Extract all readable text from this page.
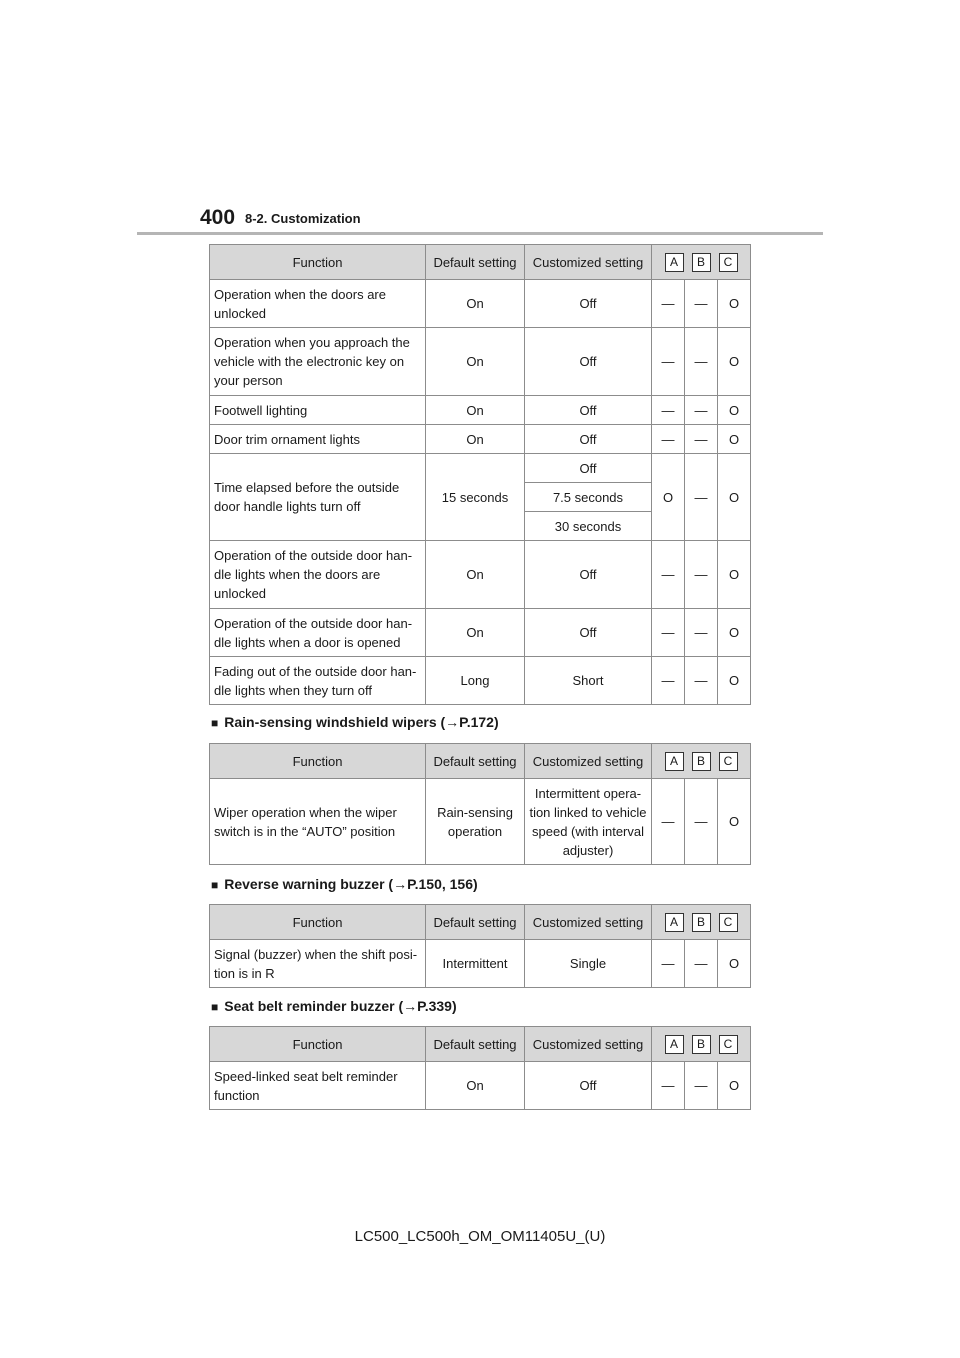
400 8-2. Customization
Function	Default setting	Customized setting	A B C		
Operation when the doors are unlocked	On	Off	—	—	O
Operation when you approach the vehicle with the electronic key on your person	On	Off	—	—	O
Footwell lighting	On	Off	—	—	O
Door trim ornament lights	On	Off	—	—	O
Time elapsed before the outside door handle lights turn off	15 seconds	Off	O	—	O
		7.5 seconds			
		30 seconds			
Operation of the outside door han-dle lights when the doors are unlocked	On	Off	—	—	O
Operation of the outside door han-dle lights when a door is opened	On	Off	—	—	O
Fading out of the outside door han-dle lights when they turn off	Long	Short	—	—	O
■ Rain-sensing windshield wipers (→P.172)
Function	Default setting	Customized setting	A B C		
Wiper operation when the wiper switch is in the “AUTO” position	Rain-sensing operation	Intermittent opera-tion linked to vehicle speed (with interval adjuster)	—	—	O
■ Reverse warning buzzer (→P.150, 156)
Function	Default setting	Customized setting	A B C		
Signal (buzzer) when the shift posi-tion is in R	Intermittent	Single	—	—	O
■ Seat belt reminder buzzer (→P.339)
Function	Default setting	Customized setting	A B C		
Speed-linked seat belt reminder function	On	Off	—	—	O
LC500_LC500h_OM_OM11405U_(U)
